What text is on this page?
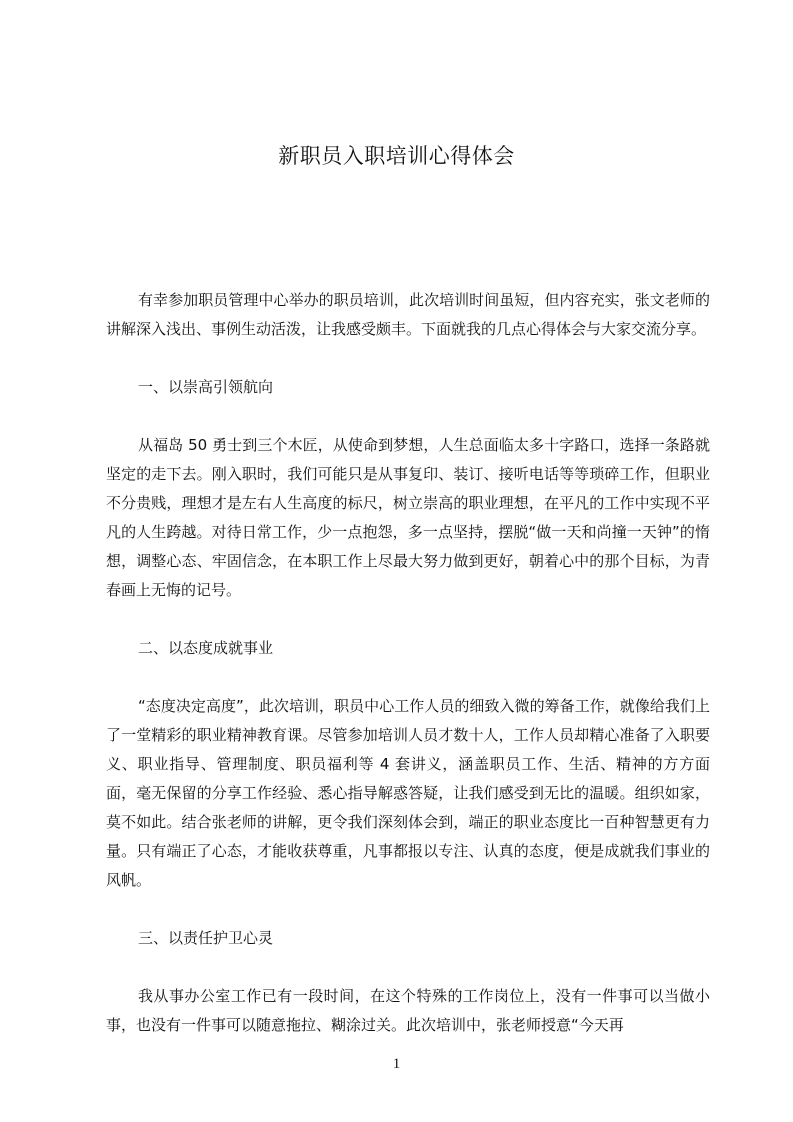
新职员入职培训心得体会

有幸参加职员管理中心举办的职员培训，此次培训时间虽短，但内容充实，张文老师的讲解深入浅出、事例生动活泼，让我感受颇丰。下面就我的几点心得体会与大家交流分享。

一、以崇高引领航向

从福岛 50 勇士到三个木匠，从使命到梦想，人生总面临太多十字路口，选择一条路就坚定的走下去。刚入职时，我们可能只是从事复印、装订、接听电话等等琐碎工作，但职业不分贵贱，理想才是左右人生高度的标尺，树立崇高的职业理想，在平凡的工作中实现不平凡的人生跨越。对待日常工作，少一点抱怨，多一点坚持，摆脱“做一天和尚撞一天钟”的惰想，调整心态、牢固信念，在本职工作上尽最大努力做到更好，朝着心中的那个目标，为青春画上无悔的记号。

二、以态度成就事业

“态度决定高度”，此次培训，职员中心工作人员的细致入微的筹备工作，就像给我们上了一堂精彩的职业精神教育课。尽管参加培训人员才数十人，工作人员却精心准备了入职要义、职业指导、管理制度、职员福利等 4 套讲义，涵盖职员工作、生活、精神的方方面面，毫无保留的分享工作经验、悉心指导解惑答疑，让我们感受到无比的温暖。组织如家，莫不如此。结合张老师的讲解，更令我们深刻体会到，端正的职业态度比一百种智慧更有力量。只有端正了心态，才能收获尊重，凡事都报以专注、认真的态度，便是成就我们事业的风帆。

三、以责任护卫心灵

我从事办公室工作已有一段时间，在这个特殊的工作岗位上，没有一件事可以当做小事，也没有一件事可以随意拖拉、糊涂过关。此次培训中，张老师授意“今天再

1
